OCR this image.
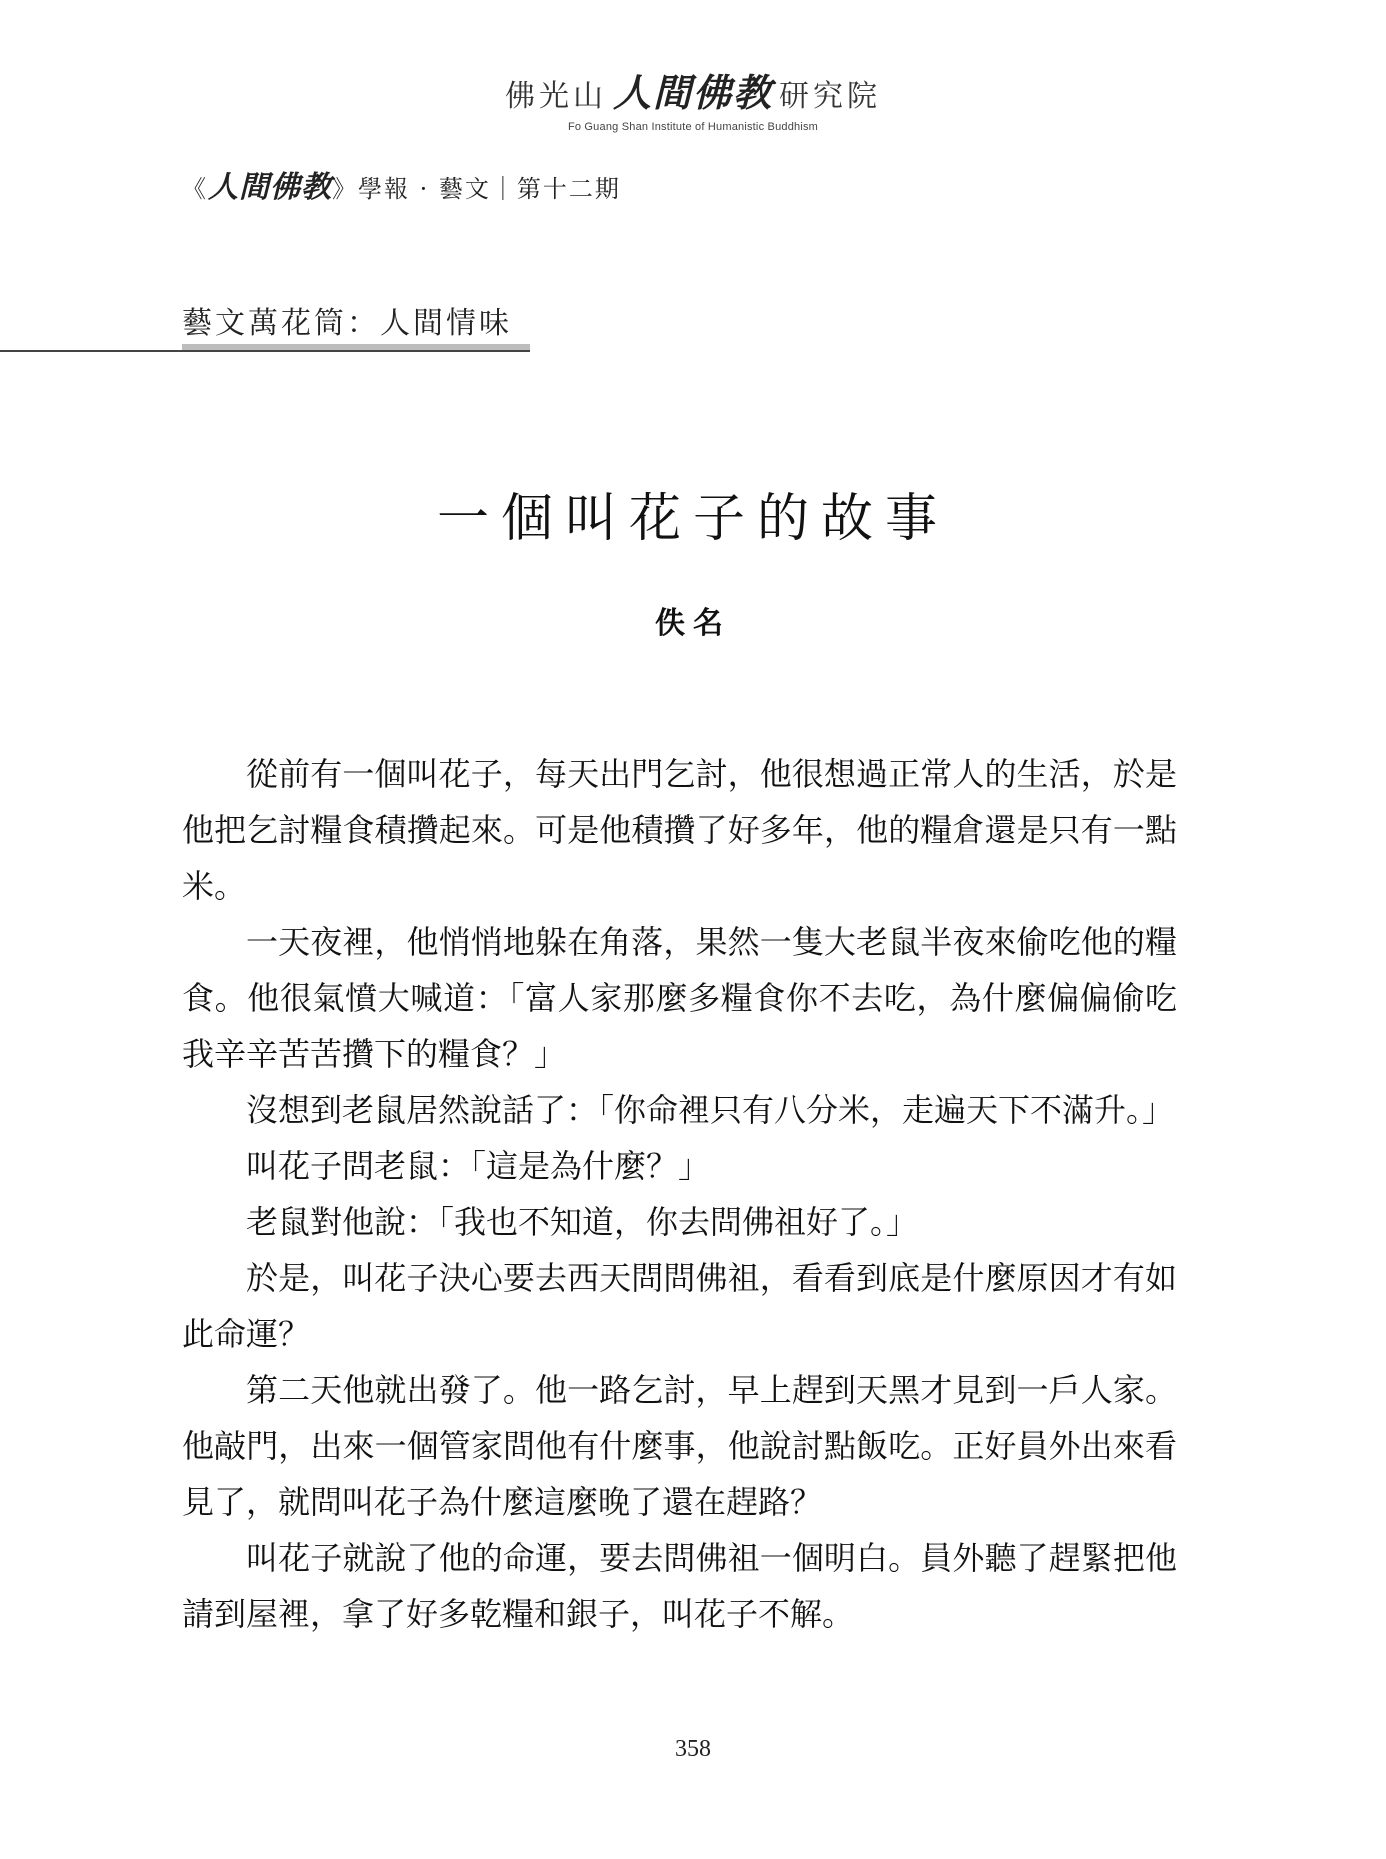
佛光山 人間佛教 研究院
Fo Guang Shan Institute of Humanistic Buddhism
《人間佛教》學報 · 藝文｜第十二期
藝文萬花筒：人間情味
一個叫花子的故事
佚名

從前有一個叫花子，每天出門乞討，他很想過正常人的生活，於是他把乞討糧食積攢起來。可是他積攢了好多年，他的糧倉還是只有一點米。

一天夜裡，他悄悄地躲在角落，果然一隻大老鼠半夜來偷吃他的糧食。他很氣憤大喊道：「富人家那麼多糧食你不去吃，為什麼偏偏偷吃我辛辛苦苦攢下的糧食？」

沒想到老鼠居然說話了：「你命裡只有八分米，走遍天下不滿升。」

叫花子問老鼠：「這是為什麼？」

老鼠對他說：「我也不知道，你去問佛祖好了。」

於是，叫花子決心要去西天問問佛祖，看看到底是什麼原因才有如此命運？

第二天他就出發了。他一路乞討，早上趕到天黑才見到一戶人家。他敲門，出來一個管家問他有什麼事，他說討點飯吃。正好員外出來看見了，就問叫花子為什麼這麼晚了還在趕路？

叫花子就說了他的命運，要去問佛祖一個明白。員外聽了趕緊把他請到屋裡，拿了好多乾糧和銀子，叫花子不解。

358
